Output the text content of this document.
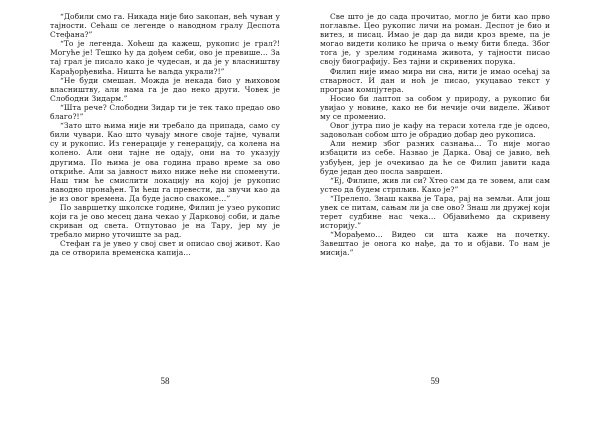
“Добили смо га. Никада није био закопан, већ чуван у тајности. Сећаш се легенде о наводном гралу Деспота Стефана?”

“То је легенда. Хоћеш да кажеш, рукопис је грал?! Могуће је! Тешко ћу да дођем себи, ово је превише… За тај грал је писало како је чудесан, и да је у власништву Карађорђевића. Ништа ће ваљда украли?!”

“Не буди смешан. Можда је некада био у њиховом власништву, али нама га је дао неко други. Човек је Слободни Зидарм.”

“Шта рече? Слободни Зидар ти је тек тако предао ово благо?!”

“Зато што њима није ни требало да припада, само су били чувари. Као што чувају многе своје тајне, чували су и рукопис. Из генерације у генерацију, са колена на колено. Али они тајне не одају, они на то указују другима. По њима је ова година право време за ово откриће. Али за јавност њихо ниже неће ни споменути. Наш тим ће смислити локацију на којој је рукопис наводно пронађен. Ти ћеш га превести, да звучи као да је из овог времена. Да буде јасно свакоме…”

По завршетку школске године, Филип је узео рукопис који га је ово месец дана чекао у Дарковој соби, и даље скриван од света. Отпутовао је на Тару, јер му је требало мирно уточиште за рад.

Стефан га је увео у свој свет и описао свој живот. Као да се отворила временска капија…

58

Све што је до сада прочитао, могло је бити као прво поглавље. Цео рукопис личи на роман. Деспот је био и витез, и писац. Имао је дар да види кроз време, па је могао видети колико ће прича о њему бити бледа. Због тога је, у зрелим годинама живота, у тајности писао своју биографију. Без тајни и скривених порука.

Филип није имао мира ни сна, нити је имао осећај за стварност. И дан и ноћ је писао, укуцавао текст у програм компјутера.

Носио би лаптоп за собом у природу, а рукопис би увијао у новине, како не би нечије очи виделе. Живот му се променио.

Овог јутра пио је кафу на тераси хотела где је одсео, задовољан собом што је обрадио добар део рукописа.

Али немир због разних сазнања… То није могао избацити из себе. Назвао је Дарка. Овај се јавио, већ узбуђен, јер је очекивао да ће се Филип јавити када буде један део посла завршен.

“Ej, Филипе, жив ли си? Хтео сам да те зовем, али сам устео да будем стрпљив. Како је?”

“Прелепо. Знаш каква је Тара, рај на земљи. Али још увек се питам, сањам ли ја све ово? Знаш ли дружеј који терет судбине нас чека… Објавићемо да скривену историју.”

“Морађемо… Видео си шта каже на почетку. Завештао је онога ко нађе, да то и објави. То нам је мисија.”

59
